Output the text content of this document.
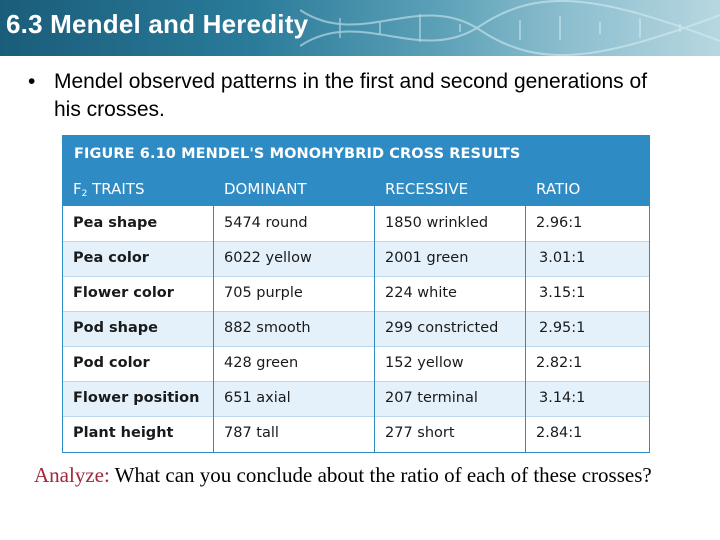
6.3 Mendel and Heredity
• Mendel observed patterns in the first and second generations of his crosses.
FIGURE 6.10 MENDEL'S MONOHYBRID CROSS RESULTS
$F_2$ TRAITS	DOMINANT	RECESSIVE	RATIO
Pea shape	5474 round	1850 wrinkled	2.96:1
Pea color	6022 yellow	2001 green	3.01:1
Flower color	705 purple	224 white	3.15:1
Pod shape	882 smooth	299 constricted	2.95:1
Pod color	428 green	152 yellow	2.82:1
Flower position	651 axial	207 terminal	3.14:1
Plant height	787 tall	277 short	2.84:1
Analyze: What can you conclude about the ratio of each of these crosses?
